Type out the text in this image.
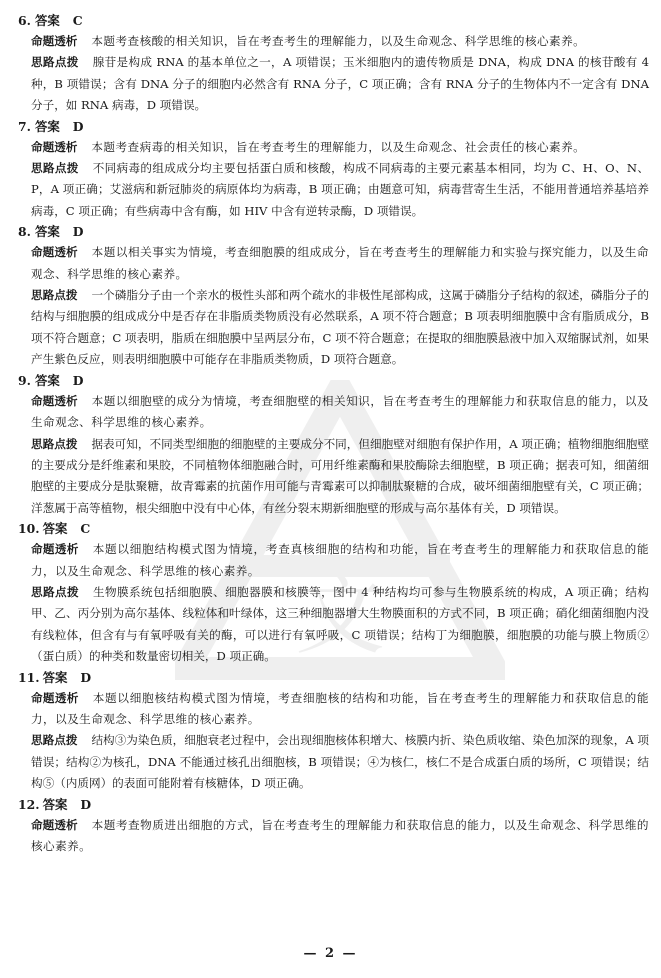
文
6. 答案 C

命题透析 本题考查核酸的相关知识，旨在考查考生的理解能力，以及生命观念、科学思维的核心素养。

思路点拨 腺苷是构成 RNA 的基本单位之一，A 项错误；玉米细胞内的遗传物质是 DNA，构成 DNA 的核苷酸有 4 种，B 项错误；含有 DNA 分子的细胞内必然含有 RNA 分子，C 项正确；含有 RNA 分子的生物体内不一定含有 DNA 分子，如 RNA 病毒，D 项错误。

7. 答案 D

命题透析 本题考查病毒的相关知识，旨在考查考生的理解能力，以及生命观念、社会责任的核心素养。

思路点拨 不同病毒的组成成分均主要包括蛋白质和核酸，构成不同病毒的主要元素基本相同，均为 C、H、O、N、P，A 项正确；艾滋病和新冠肺炎的病原体均为病毒，B 项正确；由题意可知，病毒营寄生生活，不能用普通培养基培养病毒，C 项正确；有些病毒中含有酶，如 HIV 中含有逆转录酶，D 项错误。

8. 答案 D

命题透析 本题以相关事实为情境，考查细胞膜的组成成分，旨在考查考生的理解能力和实验与探究能力，以及生命观念、科学思维的核心素养。

思路点拨 一个磷脂分子由一个亲水的极性头部和两个疏水的非极性尾部构成，这属于磷脂分子结构的叙述，磷脂分子的结构与细胞膜的组成成分中是否存在非脂质类物质没有必然联系，A 项不符合题意；B 项表明细胞膜中含有脂质成分，B 项不符合题意；C 项表明，脂质在细胞膜中呈两层分布，C 项不符合题意；在提取的细胞膜悬液中加入双缩脲试剂，如果产生紫色反应，则表明细胞膜中可能存在非脂质类物质，D 项符合题意。

9. 答案 D

命题透析 本题以细胞壁的成分为情境，考查细胞壁的相关知识，旨在考查考生的理解能力和获取信息的能力，以及生命观念、科学思维的核心素养。

思路点拨 据表可知，不同类型细胞的细胞壁的主要成分不同，但细胞壁对细胞有保护作用，A 项正确；植物细胞细胞壁的主要成分是纤维素和果胶，不同植物体细胞融合时，可用纤维素酶和果胶酶除去细胞壁，B 项正确；据表可知，细菌细胞壁的主要成分是肽聚糖，故青霉素的抗菌作用可能与青霉素可以抑制肽聚糖的合成，破坏细菌细胞壁有关，C 项正确；洋葱属于高等植物，根尖细胞中没有中心体，有丝分裂末期新细胞壁的形成与高尔基体有关，D 项错误。

10. 答案 C

命题透析 本题以细胞结构模式图为情境，考查真核细胞的结构和功能，旨在考查考生的理解能力和获取信息的能力，以及生命观念、科学思维的核心素养。

思路点拨 生物膜系统包括细胞膜、细胞器膜和核膜等，图中 4 种结构均可参与生物膜系统的构成，A 项正确；结构甲、乙、丙分别为高尔基体、线粒体和叶绿体，这三种细胞器增大生物膜面积的方式不同，B 项正确；硝化细菌细胞内没有线粒体，但含有与有氧呼吸有关的酶，可以进行有氧呼吸，C 项错误；结构丁为细胞膜，细胞膜的功能与膜上物质②（蛋白质）的种类和数量密切相关，D 项正确。

11. 答案 D

命题透析 本题以细胞核结构模式图为情境，考查细胞核的结构和功能，旨在考查考生的理解能力和获取信息的能力，以及生命观念、科学思维的核心素养。

思路点拨 结构③为染色质，细胞衰老过程中，会出现细胞核体积增大、核膜内折、染色质收缩、染色加深的现象，A 项错误；结构②为核孔，DNA 不能通过核孔出细胞核，B 项错误；④为核仁，核仁不是合成蛋白质的场所，C 项错误；结构⑤（内质网）的表面可能附着有核糖体，D 项正确。

12. 答案 D

命题透析 本题考查物质进出细胞的方式，旨在考查考生的理解能力和获取信息的能力，以及生命观念、科学思维的核心素养。

— 2 —
